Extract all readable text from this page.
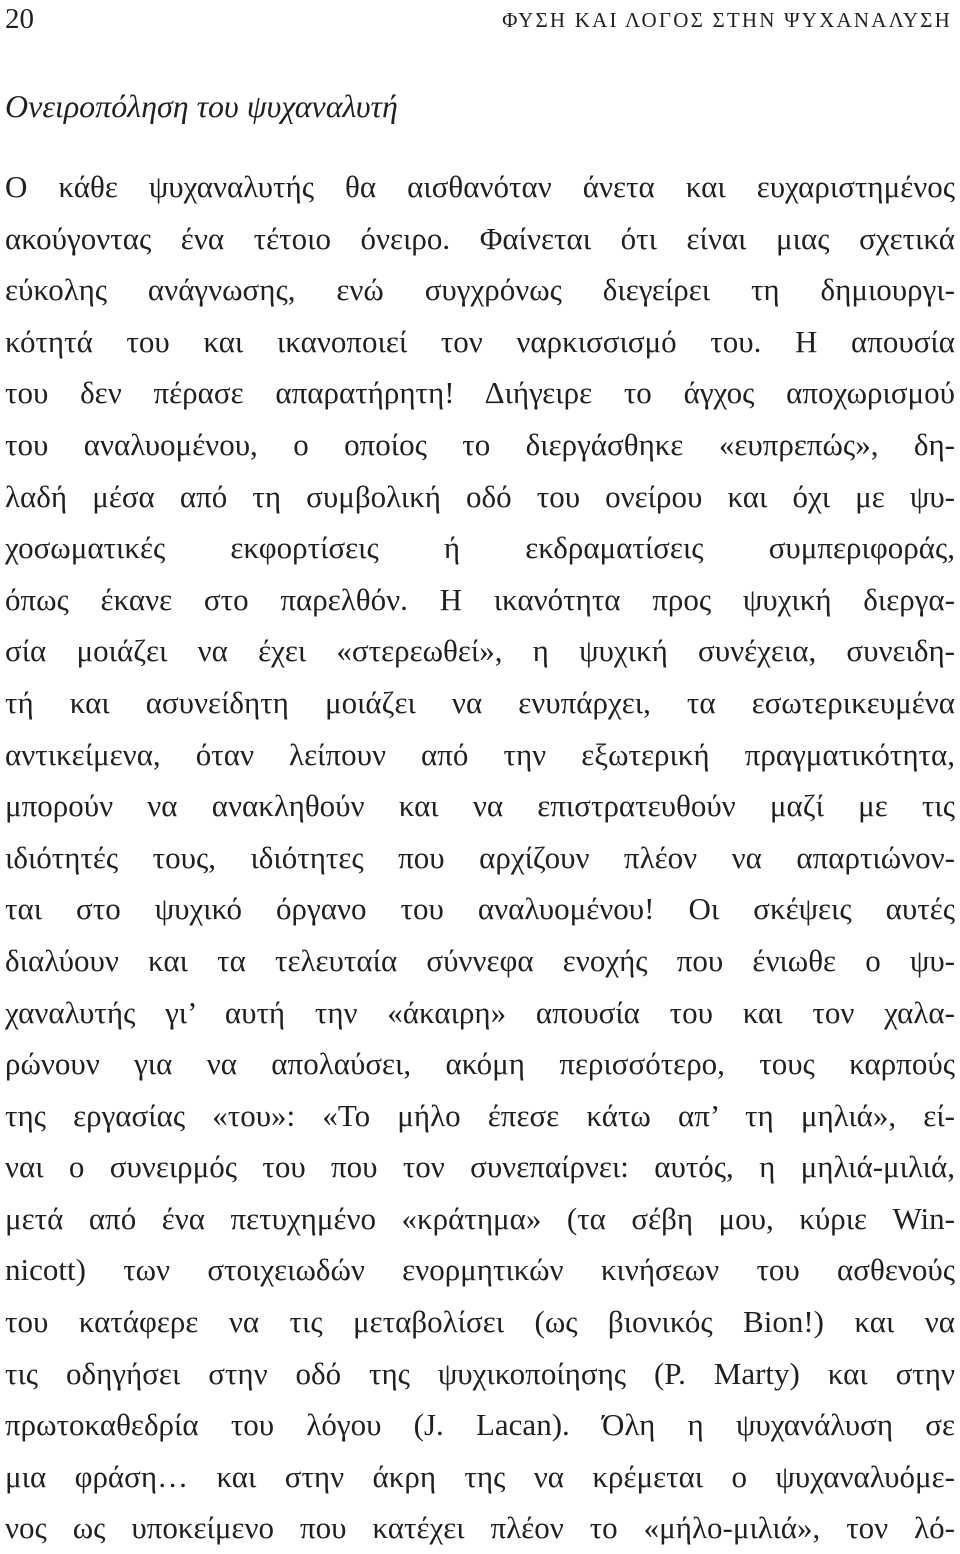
20	ΦΥΣΗ ΚΑΙ ΛΟΓΟΣ ΣΤΗΝ ΨΥΧΑΝΑΛΥΣΗ
Ονειροπόληση του ψυχαναλυτή
Ο κάθε ψυχαναλυτής θα αισθανόταν άνετα και ευχαριστημένος
ακούγοντας ένα τέτοιο όνειρο. Φαίνεται ότι είναι μιας σχετικά
εύκολης ανάγνωσης, ενώ συγχρόνως διεγείρει τη δημιουργι-
κότητά του και ικανοποιεί τον ναρκισσισμό του. Η απουσία
του δεν πέρασε απαρατήρητη! Διήγειρε το άγχος αποχωρισμού
του αναλυομένου, ο οποίος το διεργάσθηκε «ευπρεπώς», δη-
λαδή μέσα από τη συμβολική οδό του ονείρου και όχι με ψυ-
χοσωματικές εκφορτίσεις ή εκδραματίσεις συμπεριφοράς,
όπως έκανε στο παρελθόν. Η ικανότητα προς ψυχική διεργα-
σία μοιάζει να έχει «στερεωθεί», η ψυχική συνέχεια, συνειδη-
τή και ασυνείδητη μοιάζει να ενυπάρχει, τα εσωτερικευμένα
αντικείμενα, όταν λείπουν από την εξωτερική πραγματικότητα,
μπορούν να ανακληθούν και να επιστρατευθούν μαζί με τις
ιδιότητές τους, ιδιότητες που αρχίζουν πλέον να απαρτιώνον-
ται στο ψυχικό όργανο του αναλυομένου! Οι σκέψεις αυτές
διαλύουν και τα τελευταία σύννεφα ενοχής που ένιωθε ο ψυ-
χαναλυτής γι’ αυτή την «άκαιρη» απουσία του και τον χαλα-
ρώνουν για να απολαύσει, ακόμη περισσότερο, τους καρπούς
της εργασίας «του»: «Το μήλο έπεσε κάτω απ’ τη μηλιά», εί-
ναι ο συνειρμός του που τον συνεπαίρνει: αυτός, η μηλιά-μιλιά,
μετά από ένα πετυχημένο «κράτημα» (τα σέβη μου, κύριε Win-
nicott) των στοιχειωδών ενορμητικών κινήσεων του ασθενούς
του κατάφερε να τις μεταβολίσει (ως βιονικός Bion!) και να
τις οδηγήσει στην οδό της ψυχικοποίησης (P. Marty) και στην
πρωτοκαθεδρία του λόγου (J. Lacan). Όλη η ψυχανάλυση σε
μια φράση… και στην άκρη της να κρέμεται ο ψυχαναλυόμε-
νος ως υποκείμενο που κατέχει πλέον το «μήλο-μιλιά», τον λό-
